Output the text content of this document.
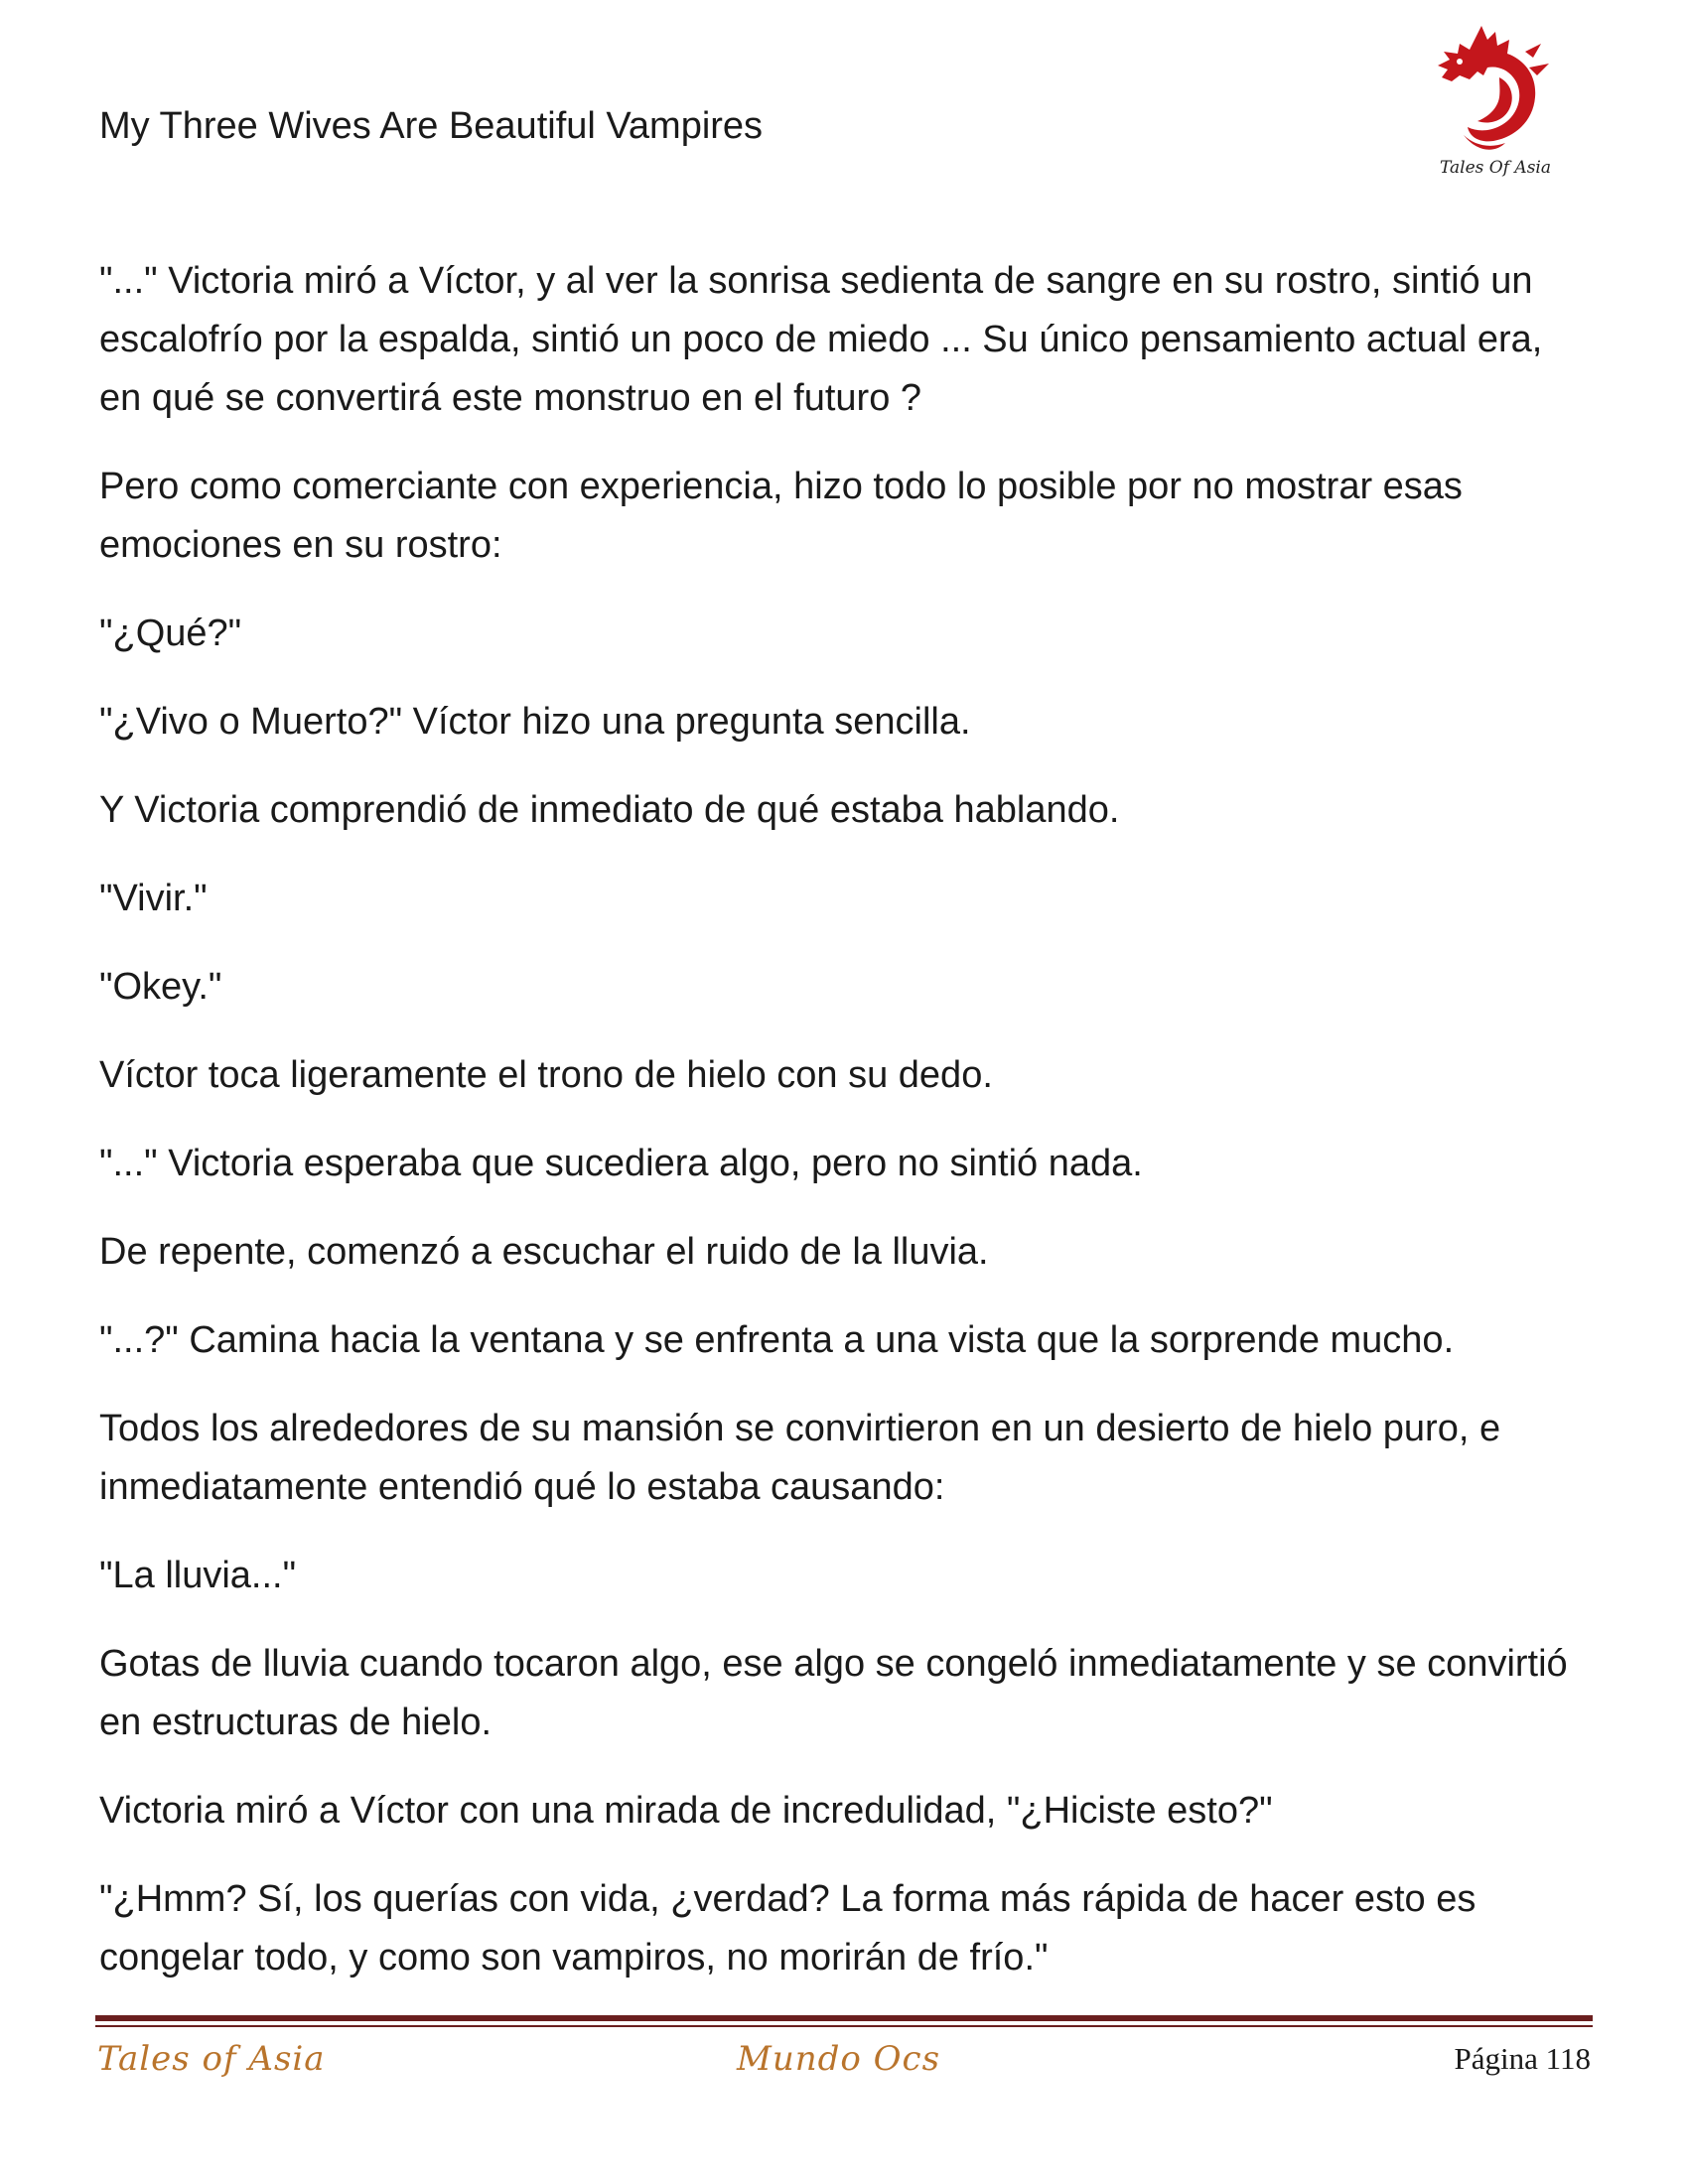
My Three Wives Are Beautiful Vampires
Tales Of Asia

"..." Victoria miró a Víctor, y al ver la sonrisa sedienta de sangre en su rostro, sintió un escalofrío por la espalda, sintió un poco de miedo ... Su único pensamiento actual era, en qué se convertirá este monstruo en el futuro ?

Pero como comerciante con experiencia, hizo todo lo posible por no mostrar esas emociones en su rostro:

"¿Qué?"

"¿Vivo o Muerto?" Víctor hizo una pregunta sencilla.

Y Victoria comprendió de inmediato de qué estaba hablando.

"Vivir."

"Okey."

Víctor toca ligeramente el trono de hielo con su dedo.

"..." Victoria esperaba que sucediera algo, pero no sintió nada.

De repente, comenzó a escuchar el ruido de la lluvia.

"...?" Camina hacia la ventana y se enfrenta a una vista que la sorprende mucho.

Todos los alrededores de su mansión se convirtieron en un desierto de hielo puro, e inmediatamente entendió qué lo estaba causando:

"La lluvia..."

Gotas de lluvia cuando tocaron algo, ese algo se congeló inmediatamente y se convirtió en estructuras de hielo.

Victoria miró a Víctor con una mirada de incredulidad, "¿Hiciste esto?"

"¿Hmm? Sí, los querías con vida, ¿verdad? La forma más rápida de hacer esto es congelar todo, y como son vampiros, no morirán de frío."

Tales of Asia	Mundo Ocs	Página 118
